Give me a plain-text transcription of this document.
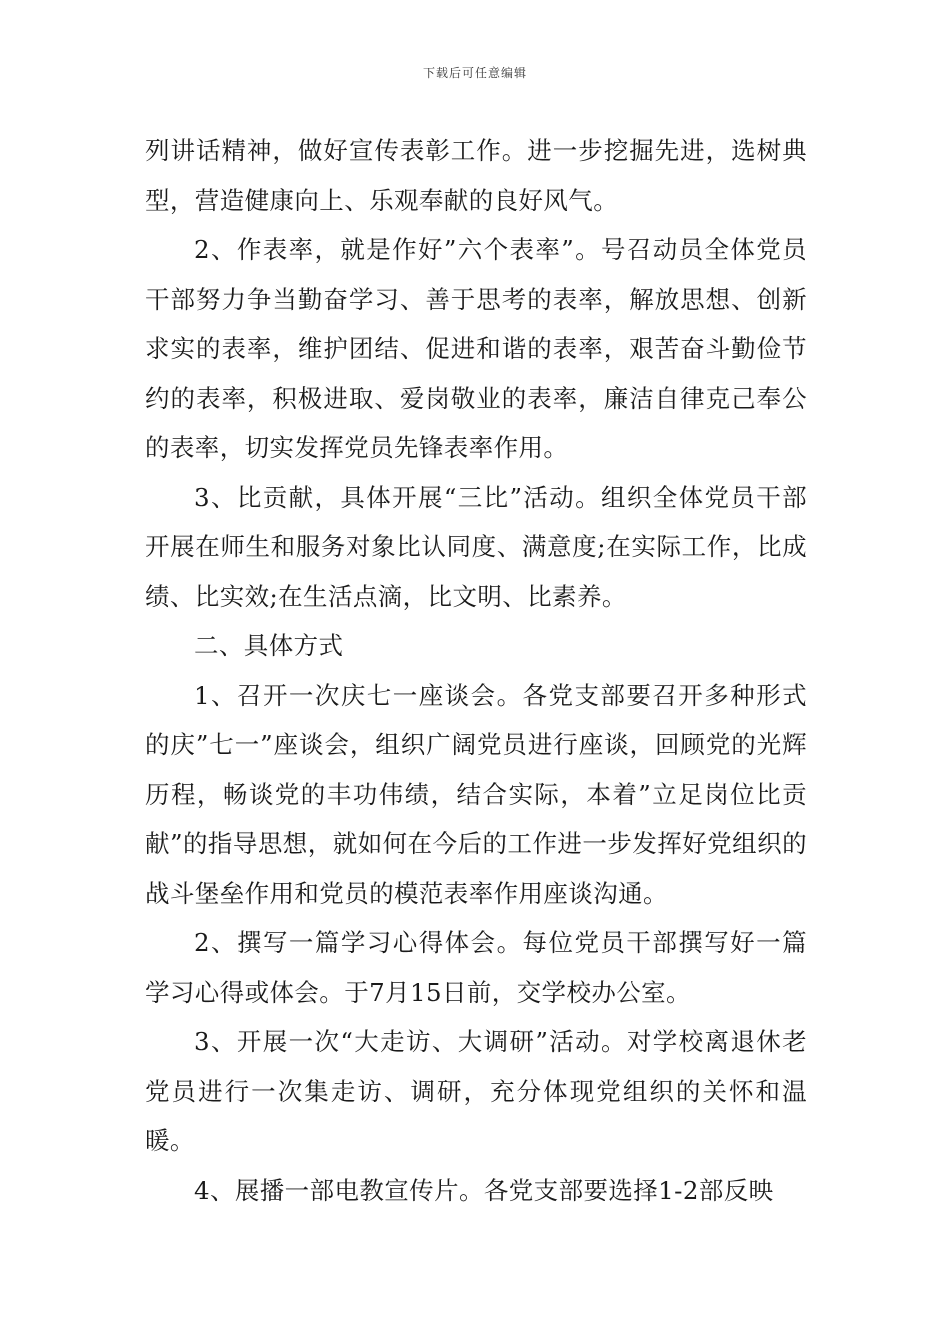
下载后可任意编辑

列讲话精神，做好宣传表彰工作。进一步挖掘先进，选树典型，营造健康向上、乐观奉献的良好风气。

2、作表率，就是作好”六个表率”。号召动员全体党员干部努力争当勤奋学习、善于思考的表率，解放思想、创新求实的表率，维护团结、促进和谐的表率，艰苦奋斗勤俭节约的表率，积极进取、爱岗敬业的表率，廉洁自律克己奉公的表率，切实发挥党员先锋表率作用。

3、比贡献，具体开展“三比”活动。组织全体党员干部开展在师生和服务对象比认同度、满意度;在实际工作，比成绩、比实效;在生活点滴，比文明、比素养。

二、具体方式

1、召开一次庆七一座谈会。各党支部要召开多种形式的庆”七一”座谈会，组织广阔党员进行座谈，回顾党的光辉历程，畅谈党的丰功伟绩，结合实际，本着”立足岗位比贡献”的指导思想，就如何在今后的工作进一步发挥好党组织的战斗堡垒作用和党员的模范表率作用座谈沟通。

2、撰写一篇学习心得体会。每位党员干部撰写好一篇学习心得或体会。于7月15日前，交学校办公室。

3、开展一次“大走访、大调研”活动。对学校离退休老党员进行一次集走访、调研，充分体现党组织的关怀和温暖。

4、展播一部电教宣传片。各党支部要选择1-2部反映
